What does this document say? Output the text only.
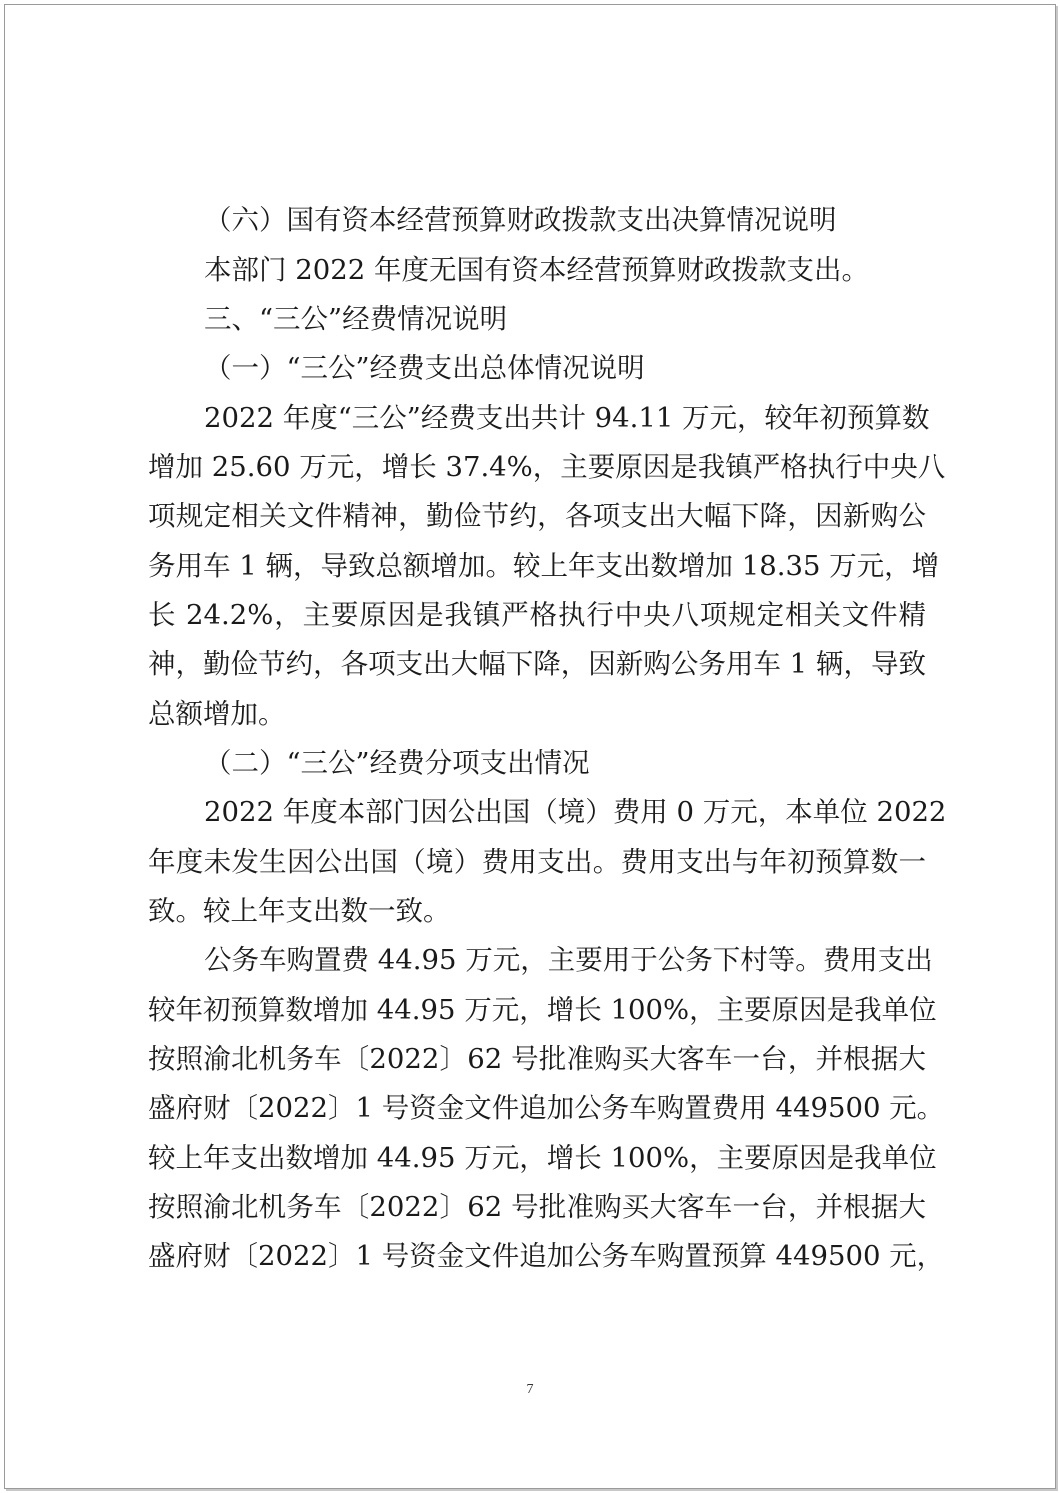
（六）国有资本经营预算财政拨款支出决算情况说明
本部门 2022 年度无国有资本经营预算财政拨款支出。
三、“三公”经费情况说明
（一）“三公”经费支出总体情况说明
2022 年度“三公”经费支出共计 94.11 万元，较年初预算数
增加 25.60 万元，增长 37.4%，主要原因是我镇严格执行中央八
项规定相关文件精神，勤俭节约，各项支出大幅下降，因新购公
务用车 1 辆，导致总额增加。较上年支出数增加 18.35 万元，增
长 24.2%，主要原因是我镇严格执行中央八项规定相关文件精
神，勤俭节约，各项支出大幅下降，因新购公务用车 1 辆，导致
总额增加。
（二）“三公”经费分项支出情况
2022 年度本部门因公出国（境）费用 0 万元，本单位 2022
年度未发生因公出国（境）费用支出。费用支出与年初预算数一
致。较上年支出数一致。
公务车购置费 44.95 万元，主要用于公务下村等。费用支出
较年初预算数增加 44.95 万元，增长 100%，主要原因是我单位
按照渝北机务车〔2022〕62 号批准购买大客车一台，并根据大
盛府财〔2022〕1 号资金文件追加公务车购置费用 449500 元。
较上年支出数增加 44.95 万元，增长 100%，主要原因是我单位
按照渝北机务车〔2022〕62 号批准购买大客车一台，并根据大
盛府财〔2022〕1 号资金文件追加公务车购置预算 449500 元，
7
